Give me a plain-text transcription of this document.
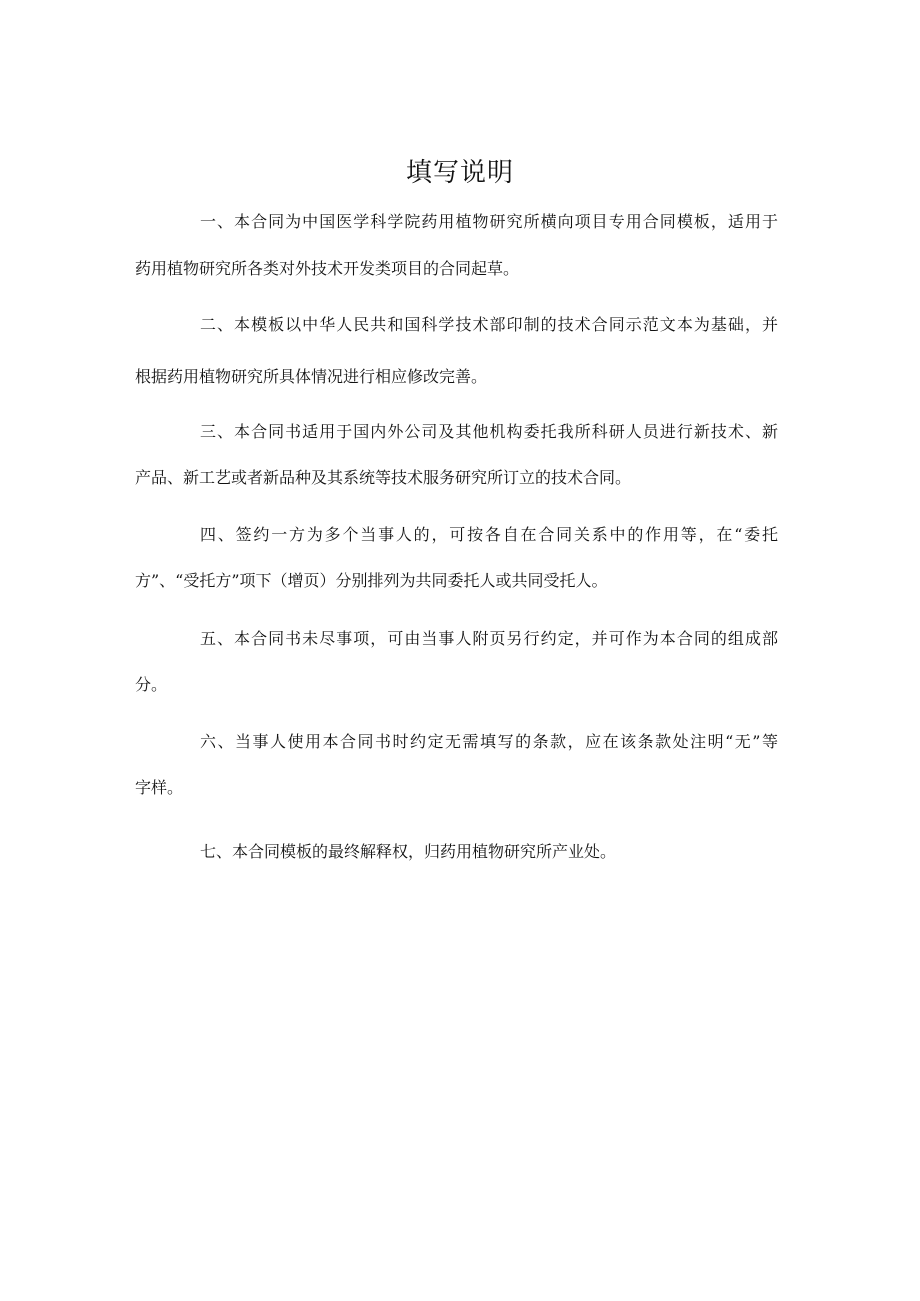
填写说明
一、本合同为中国医学科学院药用植物研究所横向项目专用合同模板，适用于
药用植物研究所各类对外技术开发类项目的合同起草。
二、本模板以中华人民共和国科学技术部印制的技术合同示范文本为基础，并
根据药用植物研究所具体情况进行相应修改完善。
三、本合同书适用于国内外公司及其他机构委托我所科研人员进行新技术、新
产品、新工艺或者新品种及其系统等技术服务研究所订立的技术合同。
四、签约一方为多个当事人的，可按各自在合同关系中的作用等，在“委托
方”、“受托方”项下（增页）分别排列为共同委托人或共同受托人。
五、本合同书未尽事项，可由当事人附页另行约定，并可作为本合同的组成部
分。
六、当事人使用本合同书时约定无需填写的条款，应在该条款处注明“无”等
字样。
七、本合同模板的最终解释权，归药用植物研究所产业处。
